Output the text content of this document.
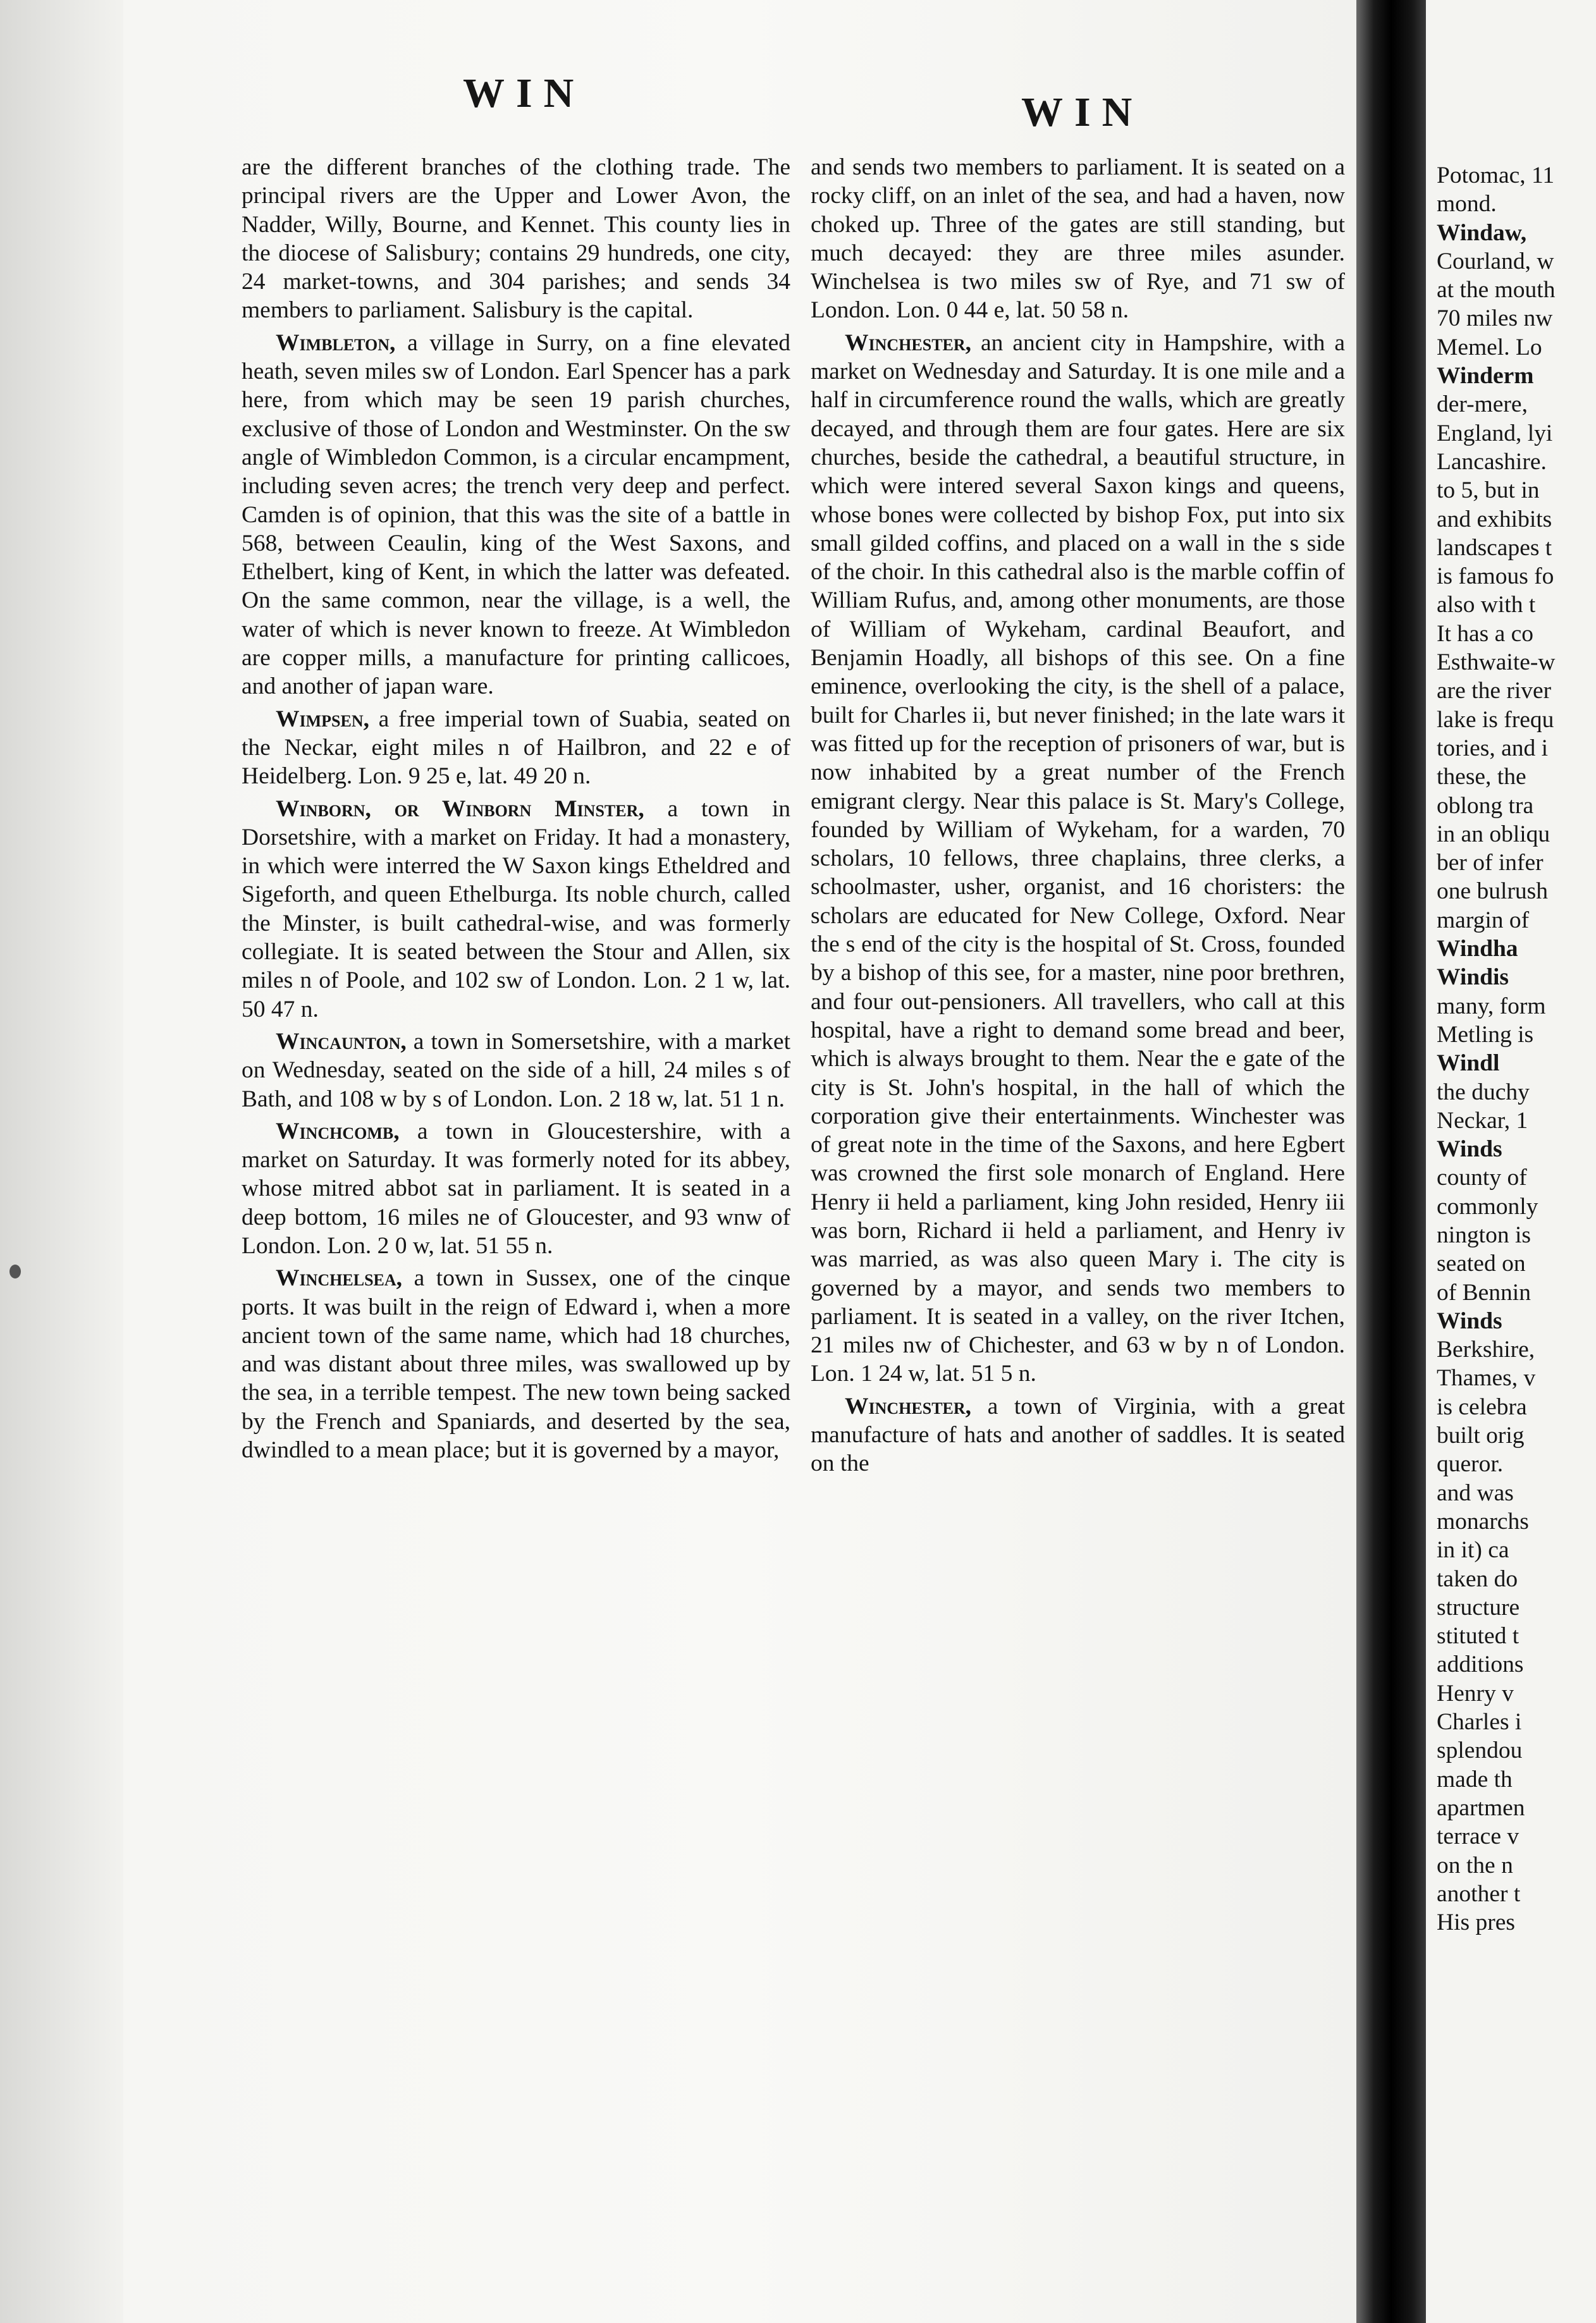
WIN	WIN

are the different branches of the clothing trade. The principal rivers are the Upper and Lower Avon, the Nadder, Willy, Bourne, and Kennet. This county lies in the diocese of Salisbury; contains 29 hundreds, one city, 24 market-towns, and 304 parishes; and sends 34 members to parliament. Salisbury is the capital.

Wimbleton, a village in Surry, on a fine elevated heath, seven miles sw of London. Earl Spencer has a park here, from which may be seen 19 parish churches, exclusive of those of London and Westminster. On the sw angle of Wimbledon Common, is a circular encampment, including seven acres; the trench very deep and perfect. Camden is of opinion, that this was the site of a battle in 568, between Ceaulin, king of the West Saxons, and Ethelbert, king of Kent, in which the latter was defeated. On the same common, near the village, is a well, the water of which is never known to freeze. At Wimbledon are copper mills, a manufacture for printing callicoes, and another of japan ware.

Wimpsen, a free imperial town of Suabia, seated on the Neckar, eight miles n of Hailbron, and 22 e of Heidelberg. Lon. 9 25 e, lat. 49 20 n.

Winborn, or Winborn Minster, a town in Dorsetshire, with a market on Friday. It had a monastery, in which were interred the W Saxon kings Etheldred and Sigeforth, and queen Ethelburga. Its noble church, called the Minster, is built cathedral-wise, and was formerly collegiate. It is seated between the Stour and Allen, six miles n of Poole, and 102 sw of London. Lon. 2 1 w, lat. 50 47 n.

Wincaunton, a town in Somersetshire, with a market on Wednesday, seated on the side of a hill, 24 miles s of Bath, and 108 w by s of London. Lon. 2 18 w, lat. 51 1 n.

Winchcomb, a town in Gloucestershire, with a market on Saturday. It was formerly noted for its abbey, whose mitred abbot sat in parliament. It is seated in a deep bottom, 16 miles ne of Gloucester, and 93 wnw of London. Lon. 2 0 w, lat. 51 55 n.

Winchelsea, a town in Sussex, one of the cinque ports. It was built in the reign of Edward i, when a more ancient town of the same name, which had 18 churches, and was distant about three miles, was swallowed up by the sea, in a terrible tempest. The new town being sacked by the French and Spaniards, and deserted by the sea, dwindled to a mean place; but it is governed by a mayor,

and sends two members to parliament. It is seated on a rocky cliff, on an inlet of the sea, and had a haven, now choked up. Three of the gates are still standing, but much decayed: they are three miles asunder. Winchelsea is two miles sw of Rye, and 71 sw of London. Lon. 0 44 e, lat. 50 58 n.

Winchester, an ancient city in Hampshire, with a market on Wednesday and Saturday. It is one mile and a half in circumference round the walls, which are greatly decayed, and through them are four gates. Here are six churches, beside the cathedral, a beautiful structure, in which were intered several Saxon kings and queens, whose bones were collected by bishop Fox, put into six small gilded coffins, and placed on a wall in the s side of the choir. In this cathedral also is the marble coffin of William Rufus, and, among other monuments, are those of William of Wykeham, cardinal Beaufort, and Benjamin Hoadly, all bishops of this see. On a fine eminence, overlooking the city, is the shell of a palace, built for Charles ii, but never finished; in the late wars it was fitted up for the reception of prisoners of war, but is now inhabited by a great number of the French emigrant clergy. Near this palace is St. Mary's College, founded by William of Wykeham, for a warden, 70 scholars, 10 fellows, three chaplains, three clerks, a schoolmaster, usher, organist, and 16 choristers: the scholars are educated for New College, Oxford. Near the s end of the city is the hospital of St. Cross, founded by a bishop of this see, for a master, nine poor brethren, and four out-pensioners. All travellers, who call at this hospital, have a right to demand some bread and beer, which is always brought to them. Near the e gate of the city is St. John's hospital, in the hall of which the corporation give their entertainments. Winchester was of great note in the time of the Saxons, and here Egbert was crowned the first sole monarch of England. Here Henry ii held a parliament, king John resided, Henry iii was born, Richard ii held a parliament, and Henry iv was married, as was also queen Mary i. The city is governed by a mayor, and sends two members to parliament. It is seated in a valley, on the river Itchen, 21 miles nw of Chichester, and 63 w by n of London. Lon. 1 24 w, lat. 51 5 n.

Winchester, a town of Virginia, with a great manufacture of hats and another of saddles. It is seated on the

Potomac, 11
mond.
Windaw,
Courland, w
at the mouth
70 miles nw
Memel. Lo
Winderm
der-mere,
England, lyi
Lancashire.
to 5, but in
and exhibits
landscapes t
is famous fo
also with t
It has a co
Esthwaite-w
are the river
lake is frequ
tories, and i
these, the
oblong tra
in an obliqu
ber of infer
one bulrush
margin of
Windha
Windis
many, form
Metling is
Windl
the duchy
Neckar, 1
Winds
county of
commonly
nington is
seated on
of Bennin
Winds
Berkshire,
Thames, v
is celebra
built orig
queror.
and was
monarchs
in it) ca
taken do
structure
stituted t
additions
Henry v
Charles i
splendou
made th
apartmen
terrace v
on the n
another t
His pres
